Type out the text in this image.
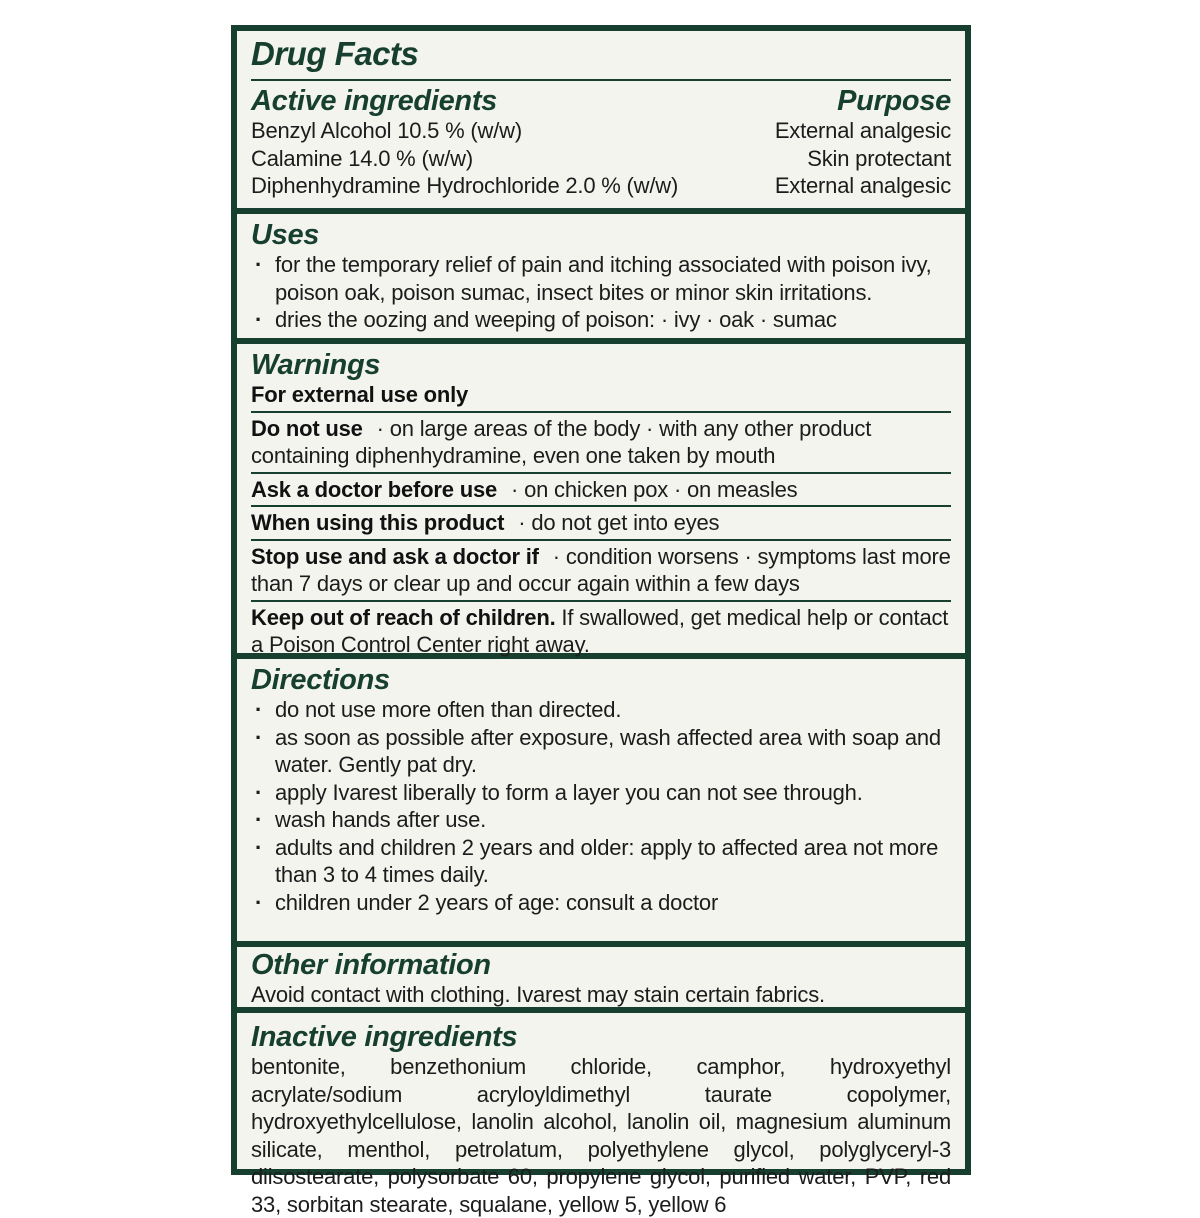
Drug Facts
Active ingredients	Purpose
Benzyl Alcohol 10.5 % (w/w)	External analgesic
Calamine 14.0 % (w/w)	Skin protectant
Diphenhydramine Hydrochloride 2.0 % (w/w)	External analgesic
Uses
· for the temporary relief of pain and itching associated with poison ivy, poison oak, poison sumac, insect bites or minor skin irritations.
· dries the oozing and weeping of poison: · ivy · oak · sumac
Warnings
For external use only
Do not use · on large areas of the body · with any other product containing diphenhydramine, even one taken by mouth
Ask a doctor before use · on chicken pox · on measles
When using this product · do not get into eyes
Stop use and ask a doctor if · condition worsens · symptoms last more than 7 days or clear up and occur again within a few days
Keep out of reach of children. If swallowed, get medical help or contact a Poison Control Center right away.
Directions
· do not use more often than directed.
· as soon as possible after exposure, wash affected area with soap and water. Gently pat dry.
· apply Ivarest liberally to form a layer you can not see through.
· wash hands after use.
· adults and children 2 years and older: apply to affected area not more than 3 to 4 times daily.
· children under 2 years of age: consult a doctor
Other information
Avoid contact with clothing. Ivarest may stain certain fabrics.
Inactive ingredients
bentonite, benzethonium chloride, camphor, hydroxyethyl acrylate/sodium acryloyldimethyl taurate copolymer, hydroxyethylcellulose, lanolin alcohol, lanolin oil, magnesium aluminum silicate, menthol, petrolatum, polyethylene glycol, polyglyceryl-3 diisostearate, polysorbate 60, propylene glycol, purified water, PVP, red 33, sorbitan stearate, squalane, yellow 5, yellow 6
